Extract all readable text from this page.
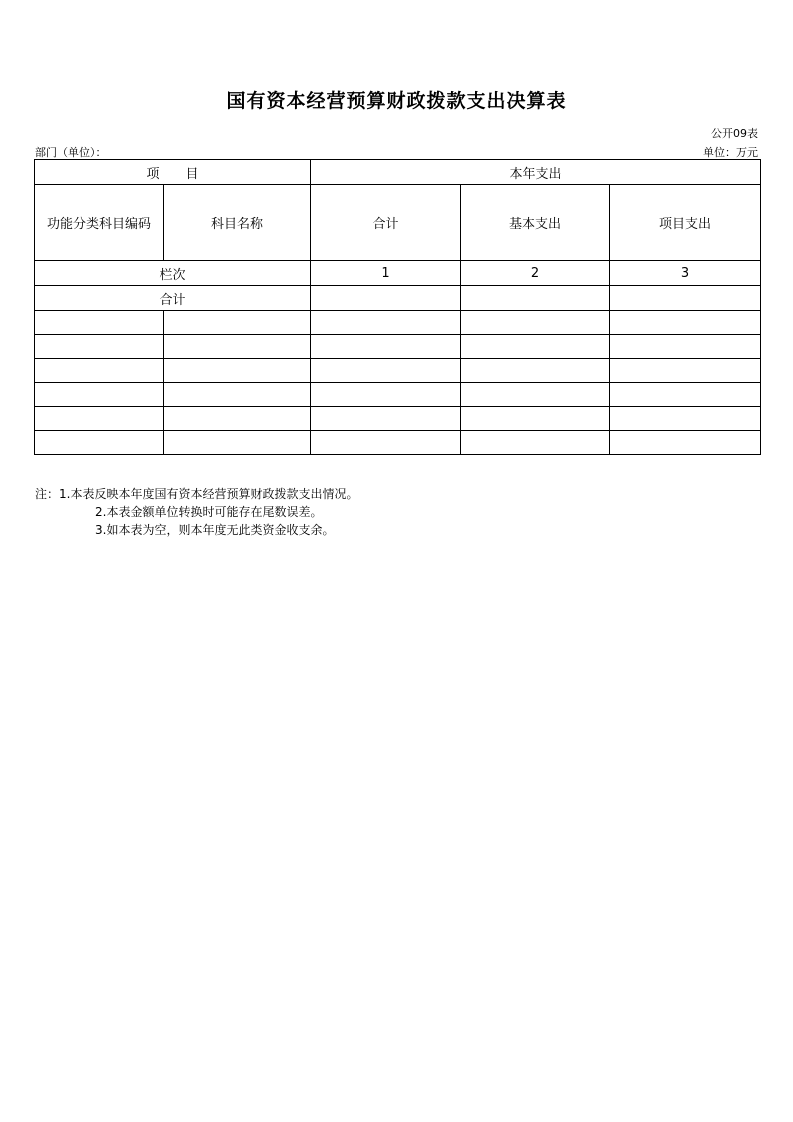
国有资本经营预算财政拨款支出决算表
公开09表
部门（单位）：	单位：万元
项　　目		本年支出		
功能分类科目编码	科目名称	合计	基本支出	项目支出
栏次		1	2	3
合计				

注：1.本表反映本年度国有资本经营预算财政拨款支出情况。
2.本表金额单位转换时可能存在尾数误差。
3.如本表为空，则本年度无此类资金收支余。
